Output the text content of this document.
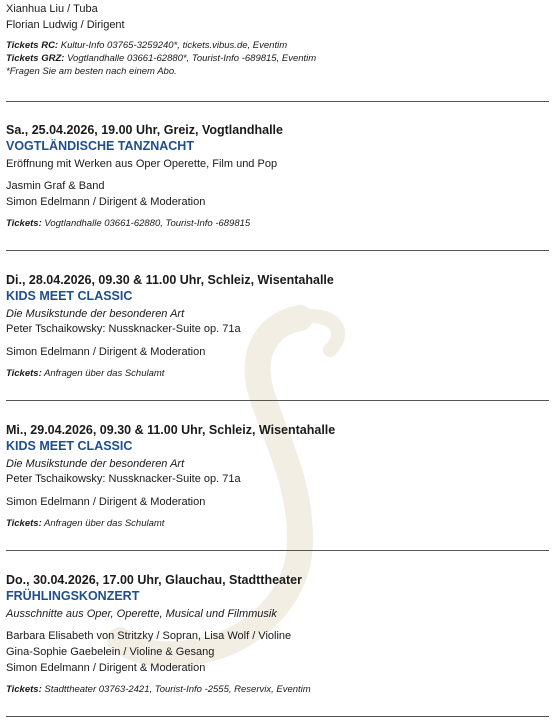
Xianhua Liu / Tuba
Florian Ludwig / Dirigent
Tickets RC: Kultur-Info 03765-3259240*, tickets.vibus.de, Eventim
Tickets GRZ: Vogtlandhalle 03661-62880*, Tourist-Info -689815, Eventim
*Fragen Sie am besten nach einem Abo.
Sa., 25.04.2026, 19.00 Uhr, Greiz, Vogtlandhalle
VOGTLÄNDISCHE TANZNACHT
Eröffnung mit Werken aus Oper Operette, Film und Pop
Jasmin Graf & Band
Simon Edelmann / Dirigent & Moderation
Tickets: Vogtlandhalle 03661-62880, Tourist-Info -689815
Di., 28.04.2026, 09.30 & 11.00 Uhr, Schleiz, Wisentahalle
KIDS MEET CLASSIC
Die Musikstunde der besonderen Art
Peter Tschaikowsky: Nussknacker-Suite op. 71a
Simon Edelmann / Dirigent & Moderation
Tickets: Anfragen über das Schulamt
Mi., 29.04.2026, 09.30 & 11.00 Uhr, Schleiz, Wisentahalle
KIDS MEET CLASSIC
Die Musikstunde der besonderen Art
Peter Tschaikowsky: Nussknacker-Suite op. 71a
Simon Edelmann / Dirigent & Moderation
Tickets: Anfragen über das Schulamt
Do., 30.04.2026, 17.00 Uhr, Glauchau, Stadttheater
FRÜHLINGSKONZERT
Ausschnitte aus Oper, Operette, Musical und Filmmusik
Barbara Elisabeth von Stritzky / Sopran, Lisa Wolf / Violine
Gina-Sophie Gaebelein / Violine & Gesang
Simon Edelmann / Dirigent & Moderation
Tickets: Stadttheater 03763-2421, Tourist-Info -2555, Reservix, Eventim
